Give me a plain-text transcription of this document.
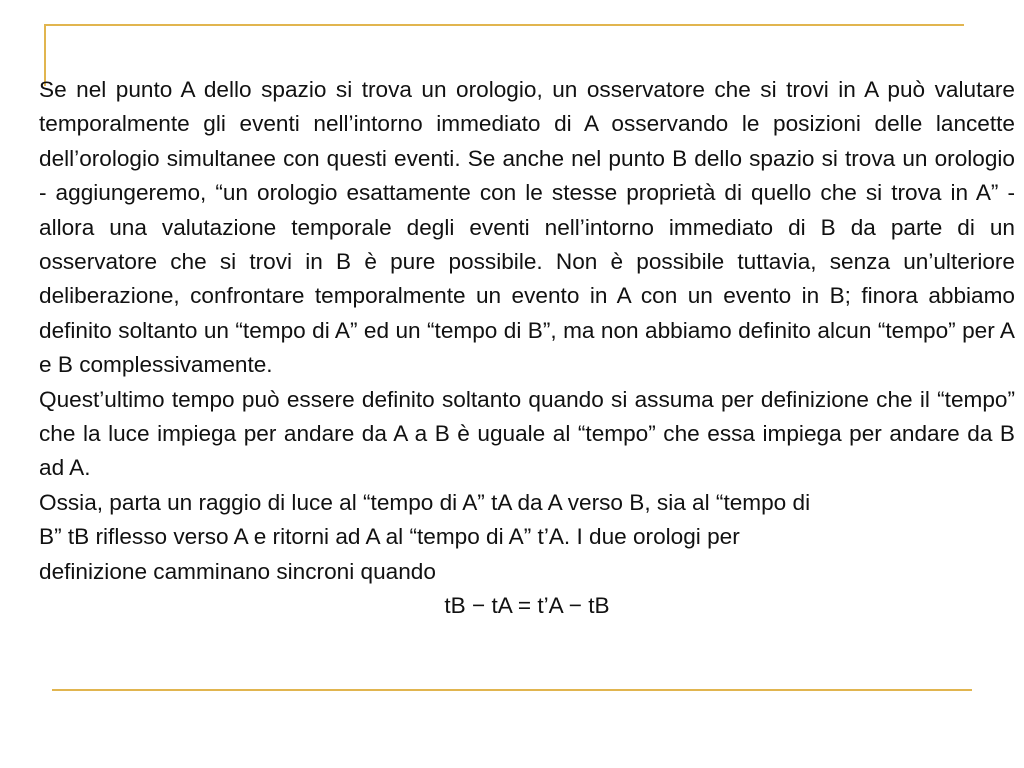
Se nel punto A dello spazio si trova un orologio, un osservatore che si trovi in A può valutare temporalmente gli eventi nell’intorno immediato di A osservando le posizioni delle lancette dell’orologio simultanee con questi eventi. Se anche nel punto B dello spazio si trova un orologio - aggiungeremo, “un orologio esattamente con le stesse proprietà di quello che si trova in A” - allora una valutazione temporale degli eventi nell’intorno immediato di B da parte di un osservatore che si trovi in B è pure possibile. Non è possibile tuttavia, senza un’ulteriore deliberazione, confrontare temporalmente un evento in A con un evento in B; finora abbiamo definito soltanto un “tempo di A” ed un “tempo di B”, ma non abbiamo definito alcun “tempo” per A e B complessivamente.

Quest’ultimo tempo può essere definito soltanto quando si assuma per definizione che il “tempo” che la luce impiega per andare da A a B è uguale al “tempo” che essa impiega per andare da B ad A.

Ossia, parta un raggio di luce al “tempo di A” tA da A verso B, sia al “tempo di
B” tB riflesso verso A e ritorni ad A al “tempo di A” t’A. I due orologi per
definizione camminano sincroni quando

tB − tA = t’A − tB
